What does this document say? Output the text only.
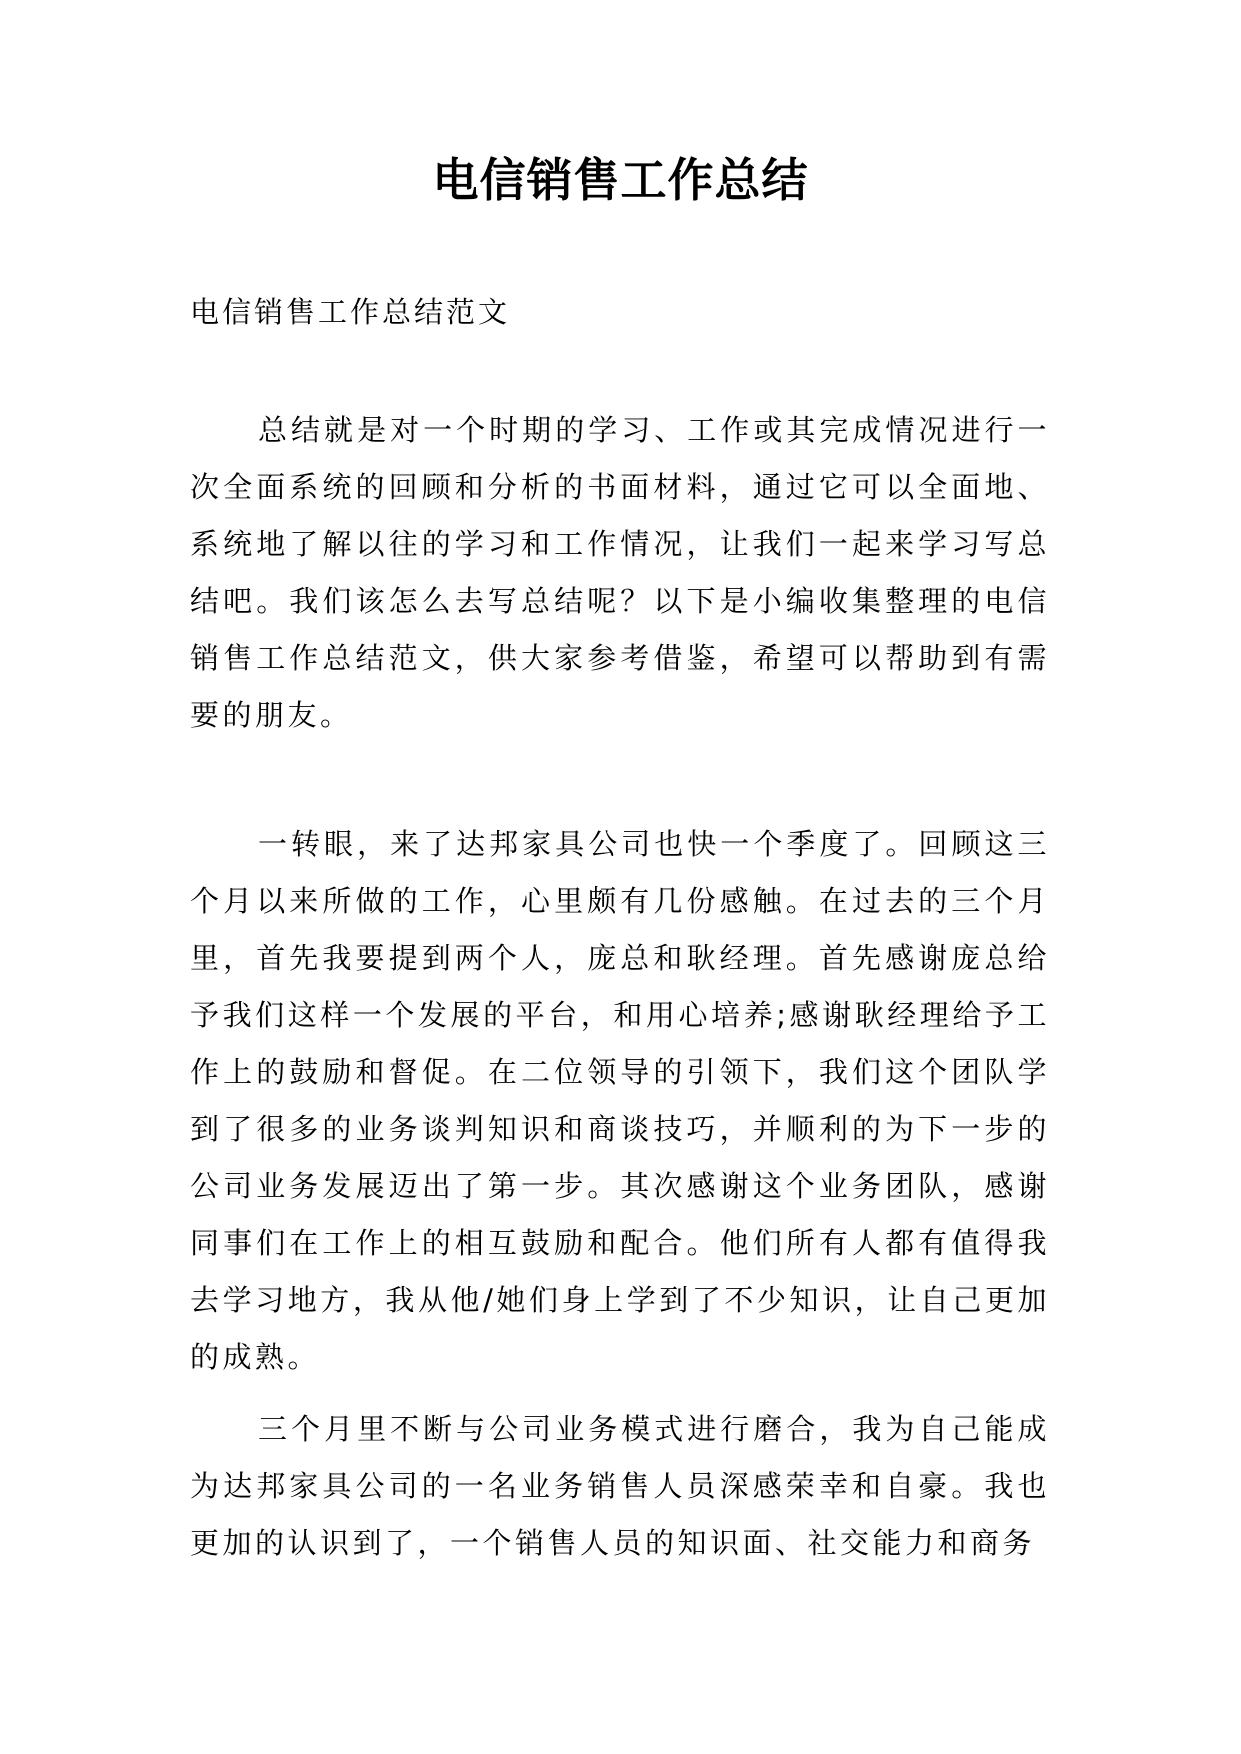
电信销售工作总结

电信销售工作总结范文

总结就是对一个时期的学习、工作或其完成情况进行一次全面系统的回顾和分析的书面材料，通过它可以全面地、系统地了解以往的学习和工作情况，让我们一起来学习写总结吧。我们该怎么去写总结呢？以下是小编收集整理的电信销售工作总结范文，供大家参考借鉴，希望可以帮助到有需要的朋友。

一转眼，来了达邦家具公司也快一个季度了。回顾这三个月以来所做的工作，心里颇有几份感触。在过去的三个月里，首先我要提到两个人，庞总和耿经理。首先感谢庞总给予我们这样一个发展的平台，和用心培养;感谢耿经理给予工作上的鼓励和督促。在二位领导的引领下，我们这个团队学到了很多的业务谈判知识和商谈技巧，并顺利的为下一步的公司业务发展迈出了第一步。其次感谢这个业务团队，感谢同事们在工作上的相互鼓励和配合。他们所有人都有值得我去学习地方，我从他/她们身上学到了不少知识，让自己更加的成熟。

三个月里不断与公司业务模式进行磨合，我为自己能成为达邦家具公司的一名业务销售人员深感荣幸和自豪。我也更加的认识到了，一个销售人员的知识面、社交能力和商务
